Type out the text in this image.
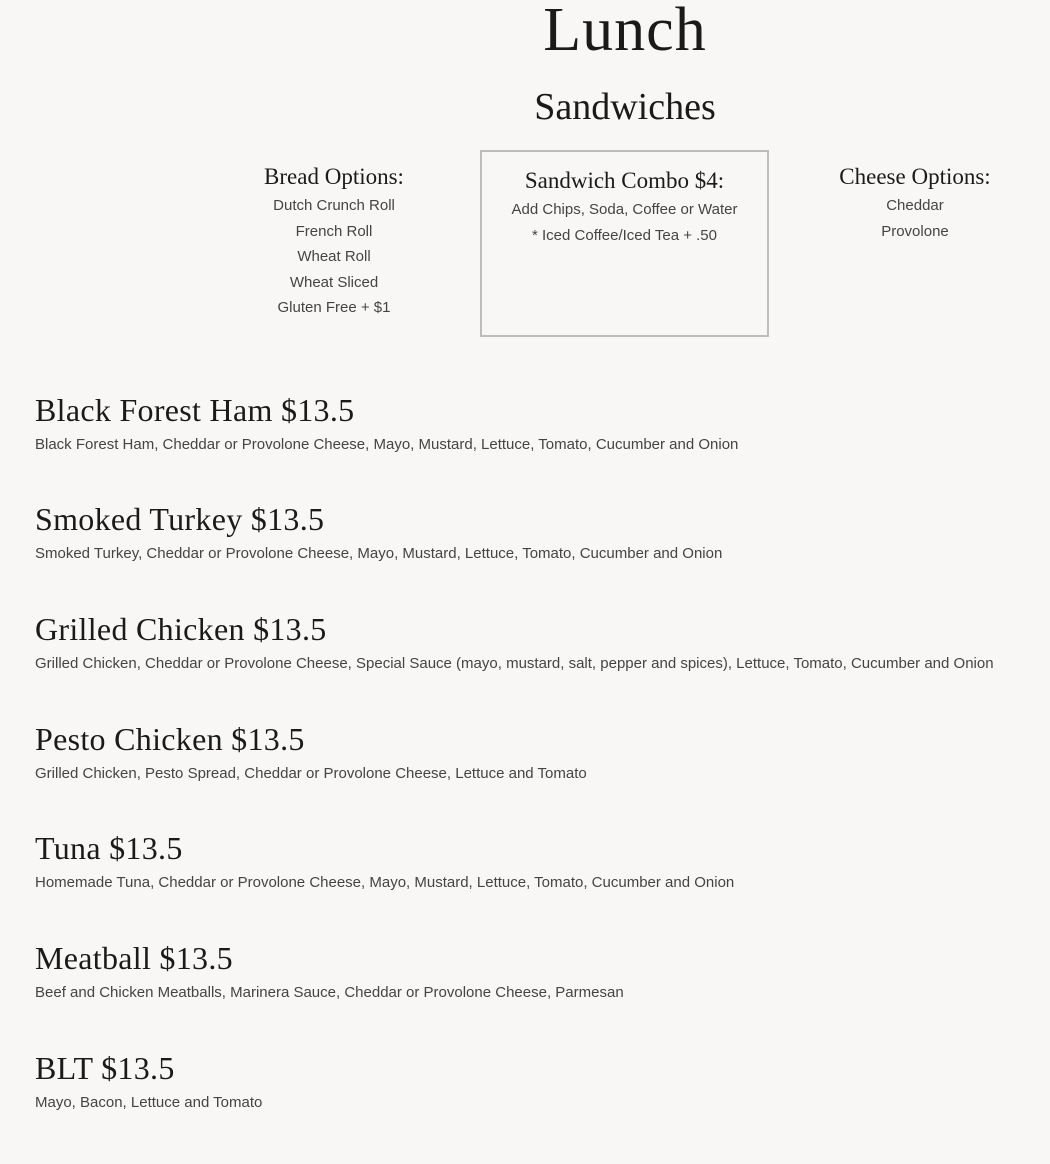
Lunch
Sandwiches
Bread Options:
Dutch Crunch Roll
French Roll
Wheat Roll
Wheat Sliced
Gluten Free + $1
Sandwich Combo $4:
Add Chips, Soda, Coffee or Water
* Iced Coffee/Iced Tea + .50
Cheese Options:
Cheddar
Provolone
Black Forest Ham $13.5
Black Forest Ham, Cheddar or Provolone Cheese, Mayo, Mustard, Lettuce, Tomato, Cucumber and Onion
Smoked Turkey $13.5
Smoked Turkey, Cheddar or Provolone Cheese, Mayo, Mustard, Lettuce, Tomato, Cucumber and Onion
Grilled Chicken $13.5
Grilled Chicken, Cheddar or Provolone Cheese, Special Sauce (mayo, mustard, salt, pepper and spices), Lettuce, Tomato, Cucumber and Onion
Pesto Chicken $13.5
Grilled Chicken, Pesto Spread, Cheddar or Provolone Cheese, Lettuce and Tomato
Tuna $13.5
Homemade Tuna, Cheddar or Provolone Cheese, Mayo, Mustard, Lettuce, Tomato, Cucumber and Onion
Meatball $13.5
Beef and Chicken Meatballs, Marinera Sauce, Cheddar or Provolone Cheese, Parmesan
BLT $13.5
Mayo, Bacon, Lettuce and Tomato
